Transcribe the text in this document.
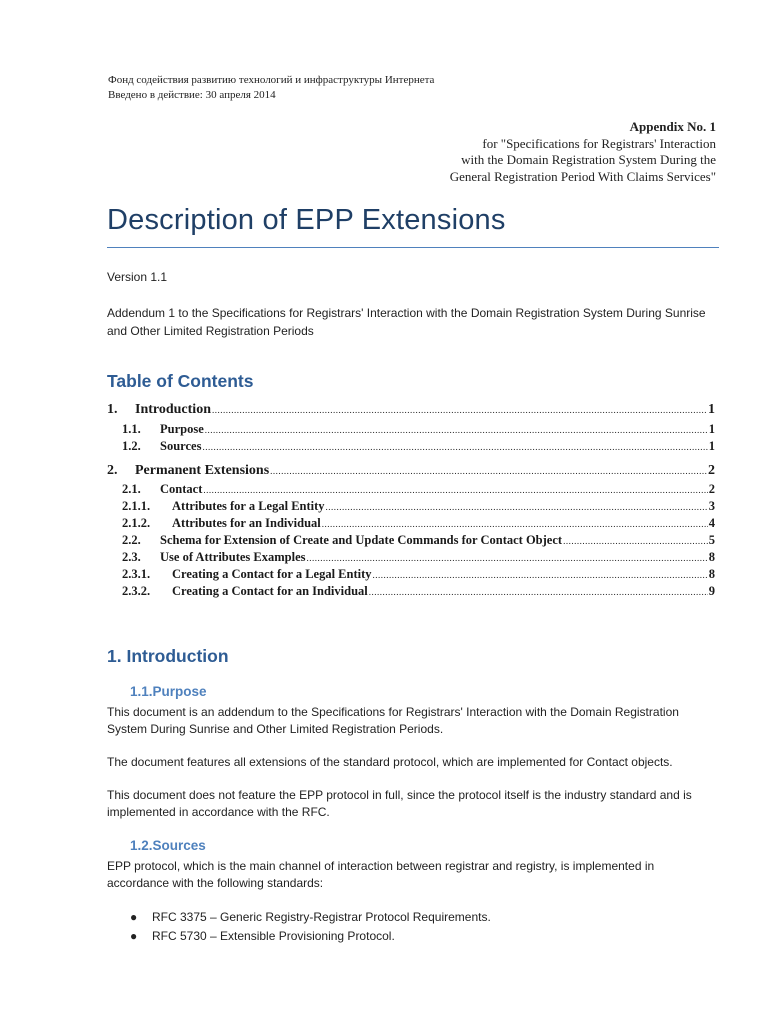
Фонд содействия развитию технологий и инфраструктуры Интернета
Введено в действие: 30 апреля 2014
Appendix No. 1
for "Specifications for Registrars' Interaction
with the Domain Registration System During the
General Registration Period With Claims Services"
Description of EPP Extensions
Version 1.1

Addendum 1 to the Specifications for Registrars' Interaction with the Domain Registration System During Sunrise and Other Limited Registration Periods

Table of Contents
1.	Introduction .....	1
1.1.	Purpose .....	1
1.2.	Sources .....	1
2.	Permanent Extensions .....	2
2.1.	Contact .....	2
2.1.1.	Attributes for a Legal Entity .....	3
2.1.2.	Attributes for an Individual .....	4
2.2.	Schema for Extension of Create and Update Commands for Contact Object .....	5
2.3.	Use of Attributes Examples .....	8
2.3.1.	Creating a Contact for a Legal Entity .....	8
2.3.2.	Creating a Contact for an Individual .....	9
1. Introduction
1.1.Purpose

This document is an addendum to the Specifications for Registrars' Interaction with the Domain Registration System During Sunrise and Other Limited Registration Periods.

The document features all extensions of the standard protocol, which are implemented for Contact objects.

This document does not feature the EPP protocol in full, since the protocol itself is the industry standard and is implemented in accordance with the RFC.

1.2.Sources

EPP protocol, which is the main channel of interaction between registrar and registry, is implemented in accordance with the following standards:

● RFC 3375 – Generic Registry-Registrar Protocol Requirements.
● RFC 5730 – Extensible Provisioning Protocol.
